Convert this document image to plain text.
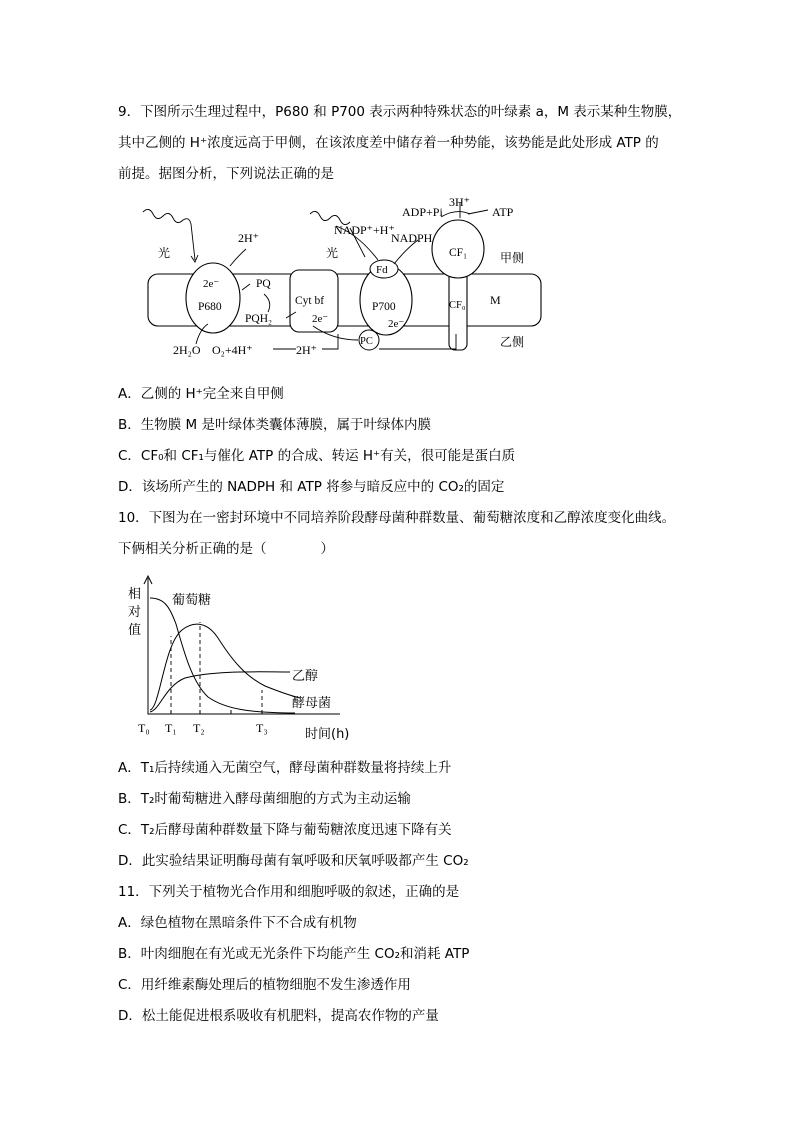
9．下图所示生理过程中，P680 和 P700 表示两种特殊状态的叶绿素 a，M 表示某种生物膜，
其中乙侧的 H⁺浓度远高于甲侧，在该浓度差中储存着一种势能，该势能是此处形成 ATP 的
前提。据图分析，下列说法正确的是
光
2H⁺
2e⁻
P680
PQ
PQH₂
Cyt bf
2e⁻
光
Fd
P700
2e⁻
PC
2H₂O O₂+4H⁺	2H⁺
NADP⁺+H⁺
NADPH
ADP+Pi
3H⁺
ATP
CF₁
CF₀ M
甲侧
乙侧
A．乙侧的 H⁺完全来自甲侧
B．生物膜 M 是叶绿体类囊体薄膜，属于叶绿体内膜
C．CF₀和 CF₁与催化 ATP 的合成、转运 H⁺有关，很可能是蛋白质
D．该场所产生的 NADPH 和 ATP 将参与暗反应中的 CO₂的固定
10．下图为在一密封环境中不同培养阶段酵母菌种群数量、葡萄糖浓度和乙醇浓度变化曲线。
下俩相关分析正确的是（　　　　）
相
对
值
葡萄糖
乙醇
酵母菌
T₀ T₁ T₂	T₃	时间(h)
A．T₁后持续通入无菌空气，酵母菌种群数量将持续上升
B．T₂时葡萄糖进入酵母菌细胞的方式为主动运输
C．T₂后酵母菌种群数量下降与葡萄糖浓度迅速下降有关
D．此实验结果证明酶母菌有氧呼吸和厌氧呼吸都产生 CO₂
11．下列关于植物光合作用和细胞呼吸的叙述，正确的是
A．绿色植物在黑暗条件下不合成有机物
B．叶肉细胞在有光或无光条件下均能产生 CO₂和消耗 ATP
C．用纤维素酶处理后的植物细胞不发生渗透作用
D．松土能促进根系吸收有机肥料，提高农作物的产量
